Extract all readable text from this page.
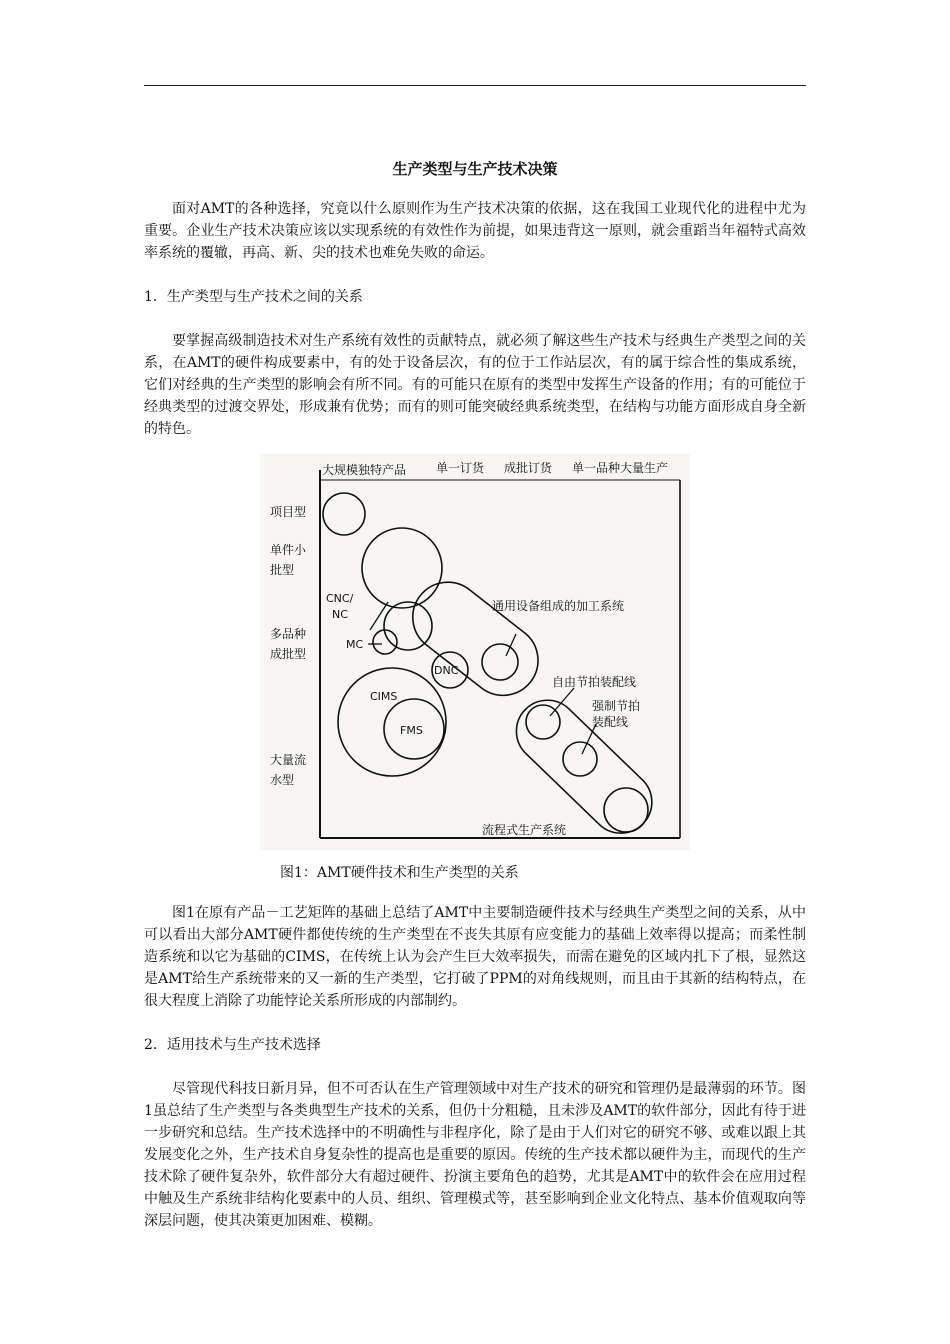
生产类型与生产技术决策

面对AMT的各种选择，究竟以什么原则作为生产技术决策的依据，这在我国工业现代化的进程中尤为重要。企业生产技术决策应该以实现系统的有效性作为前提，如果违背这一原则，就会重蹈当年福特式高效率系统的覆辙，再高、新、尖的技术也难免失败的命运。

1．生产类型与生产技术之间的关系

要掌握高级制造技术对生产系统有效性的贡献特点，就必须了解这些生产技术与经典生产类型之间的关系，在AMT的硬件构成要素中，有的处于设备层次，有的位于工作站层次，有的属于综合性的集成系统，它们对经典的生产类型的影响会有所不同。有的可能只在原有的类型中发挥生产设备的作用；有的可能位于经典类型的过渡交界处，形成兼有优势；而有的则可能突破经典系统类型，在结构与功能方面形成自身全新的特色。

大规模独特产品 单一订货 成批订货 单一品种大量生产
项目型
单件小
批型
多品种
成批型
大量流
水型
CNC/
NC
MC
DNC
CIMS
FMS
通用设备组成的加工系统
自由节拍装配线
强制节拍
装配线
流程式生产系统
图1：AMT硬件技术和生产类型的关系

图1在原有产品－工艺矩阵的基础上总结了AMT中主要制造硬件技术与经典生产类型之间的关系，从中可以看出大部分AMT硬件都使传统的生产类型在不丧失其原有应变能力的基础上效率得以提高；而柔性制造系统和以它为基础的CIMS，在传统上认为会产生巨大效率损失，而需在避免的区域内扎下了根，显然这是AMT给生产系统带来的又一新的生产类型，它打破了PPM的对角线规则，而且由于其新的结构特点，在很大程度上消除了功能悖论关系所形成的内部制约。

2．适用技术与生产技术选择

尽管现代科技日新月异，但不可否认在生产管理领域中对生产技术的研究和管理仍是最薄弱的环节。图1虽总结了生产类型与各类典型生产技术的关系，但仍十分粗糙，且未涉及AMT的软件部分，因此有待于进一步研究和总结。生产技术选择中的不明确性与非程序化，除了是由于人们对它的研究不够、或难以跟上其发展变化之外，生产技术自身复杂性的提高也是重要的原因。传统的生产技术都以硬件为主，而现代的生产技术除了硬件复杂外，软件部分大有超过硬件、扮演主要角色的趋势，尤其是AMT中的软件会在应用过程中触及生产系统非结构化要素中的人员、组织、管理模式等，甚至影响到企业文化特点、基本价值观取向等深层问题，使其决策更加困难、模糊。
